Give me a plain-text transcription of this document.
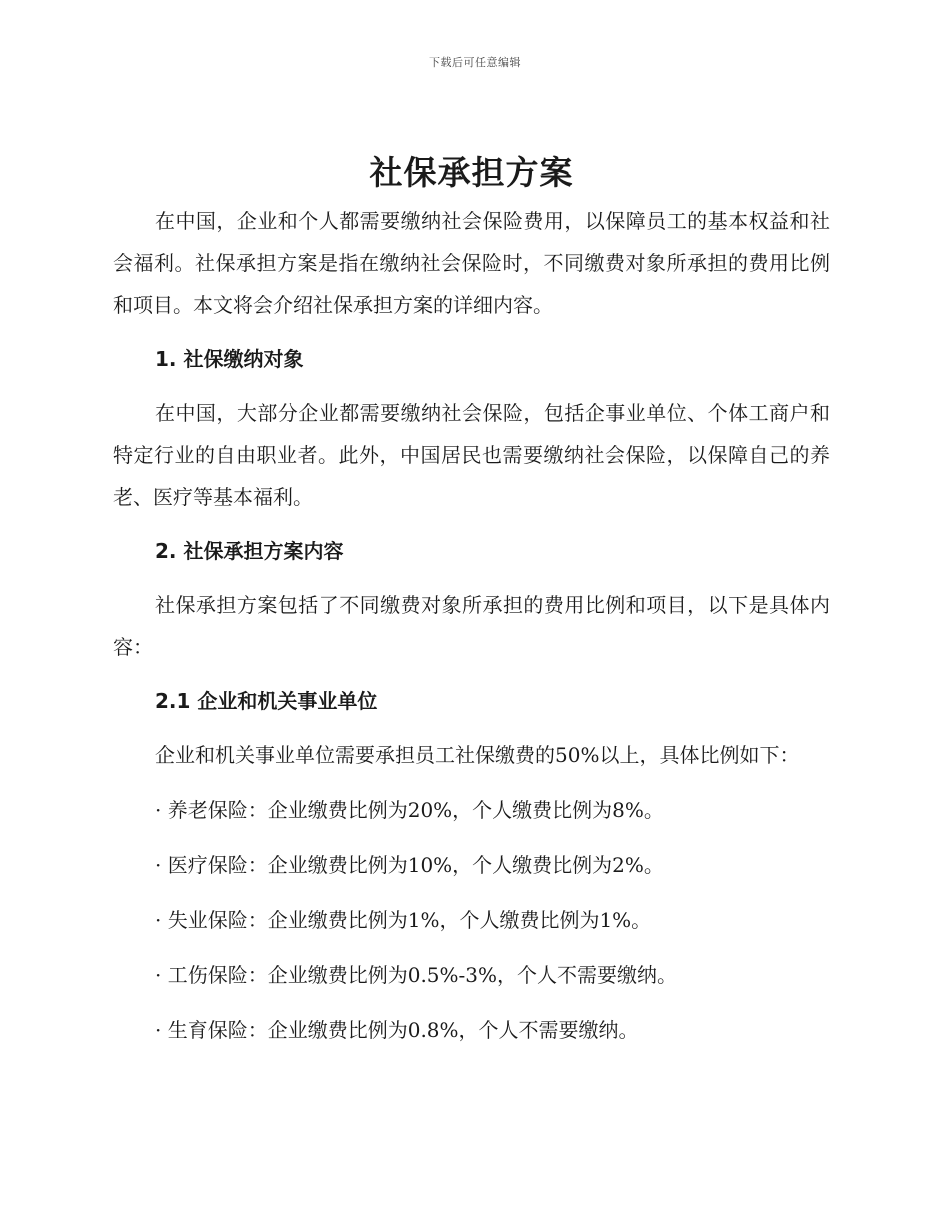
下载后可任意编辑
社保承担方案

在中国，企业和个人都需要缴纳社会保险费用，以保障员工的基本权益和社会福利。社保承担方案是指在缴纳社会保险时，不同缴费对象所承担的费用比例和项目。本文将会介绍社保承担方案的详细内容。

1. 社保缴纳对象

在中国，大部分企业都需要缴纳社会保险，包括企事业单位、个体工商户和特定行业的自由职业者。此外，中国居民也需要缴纳社会保险，以保障自己的养老、医疗等基本福利。

2. 社保承担方案内容

社保承担方案包括了不同缴费对象所承担的费用比例和项目，以下是具体内容：

2.1 企业和机关事业单位

企业和机关事业单位需要承担员工社保缴费的50%以上，具体比例如下：

· 养老保险：企业缴费比例为20%，个人缴费比例为8%。
· 医疗保险：企业缴费比例为10%，个人缴费比例为2%。
· 失业保险：企业缴费比例为1%，个人缴费比例为1%。
· 工伤保险：企业缴费比例为0.5%-3%，个人不需要缴纳。
· 生育保险：企业缴费比例为0.8%，个人不需要缴纳。
